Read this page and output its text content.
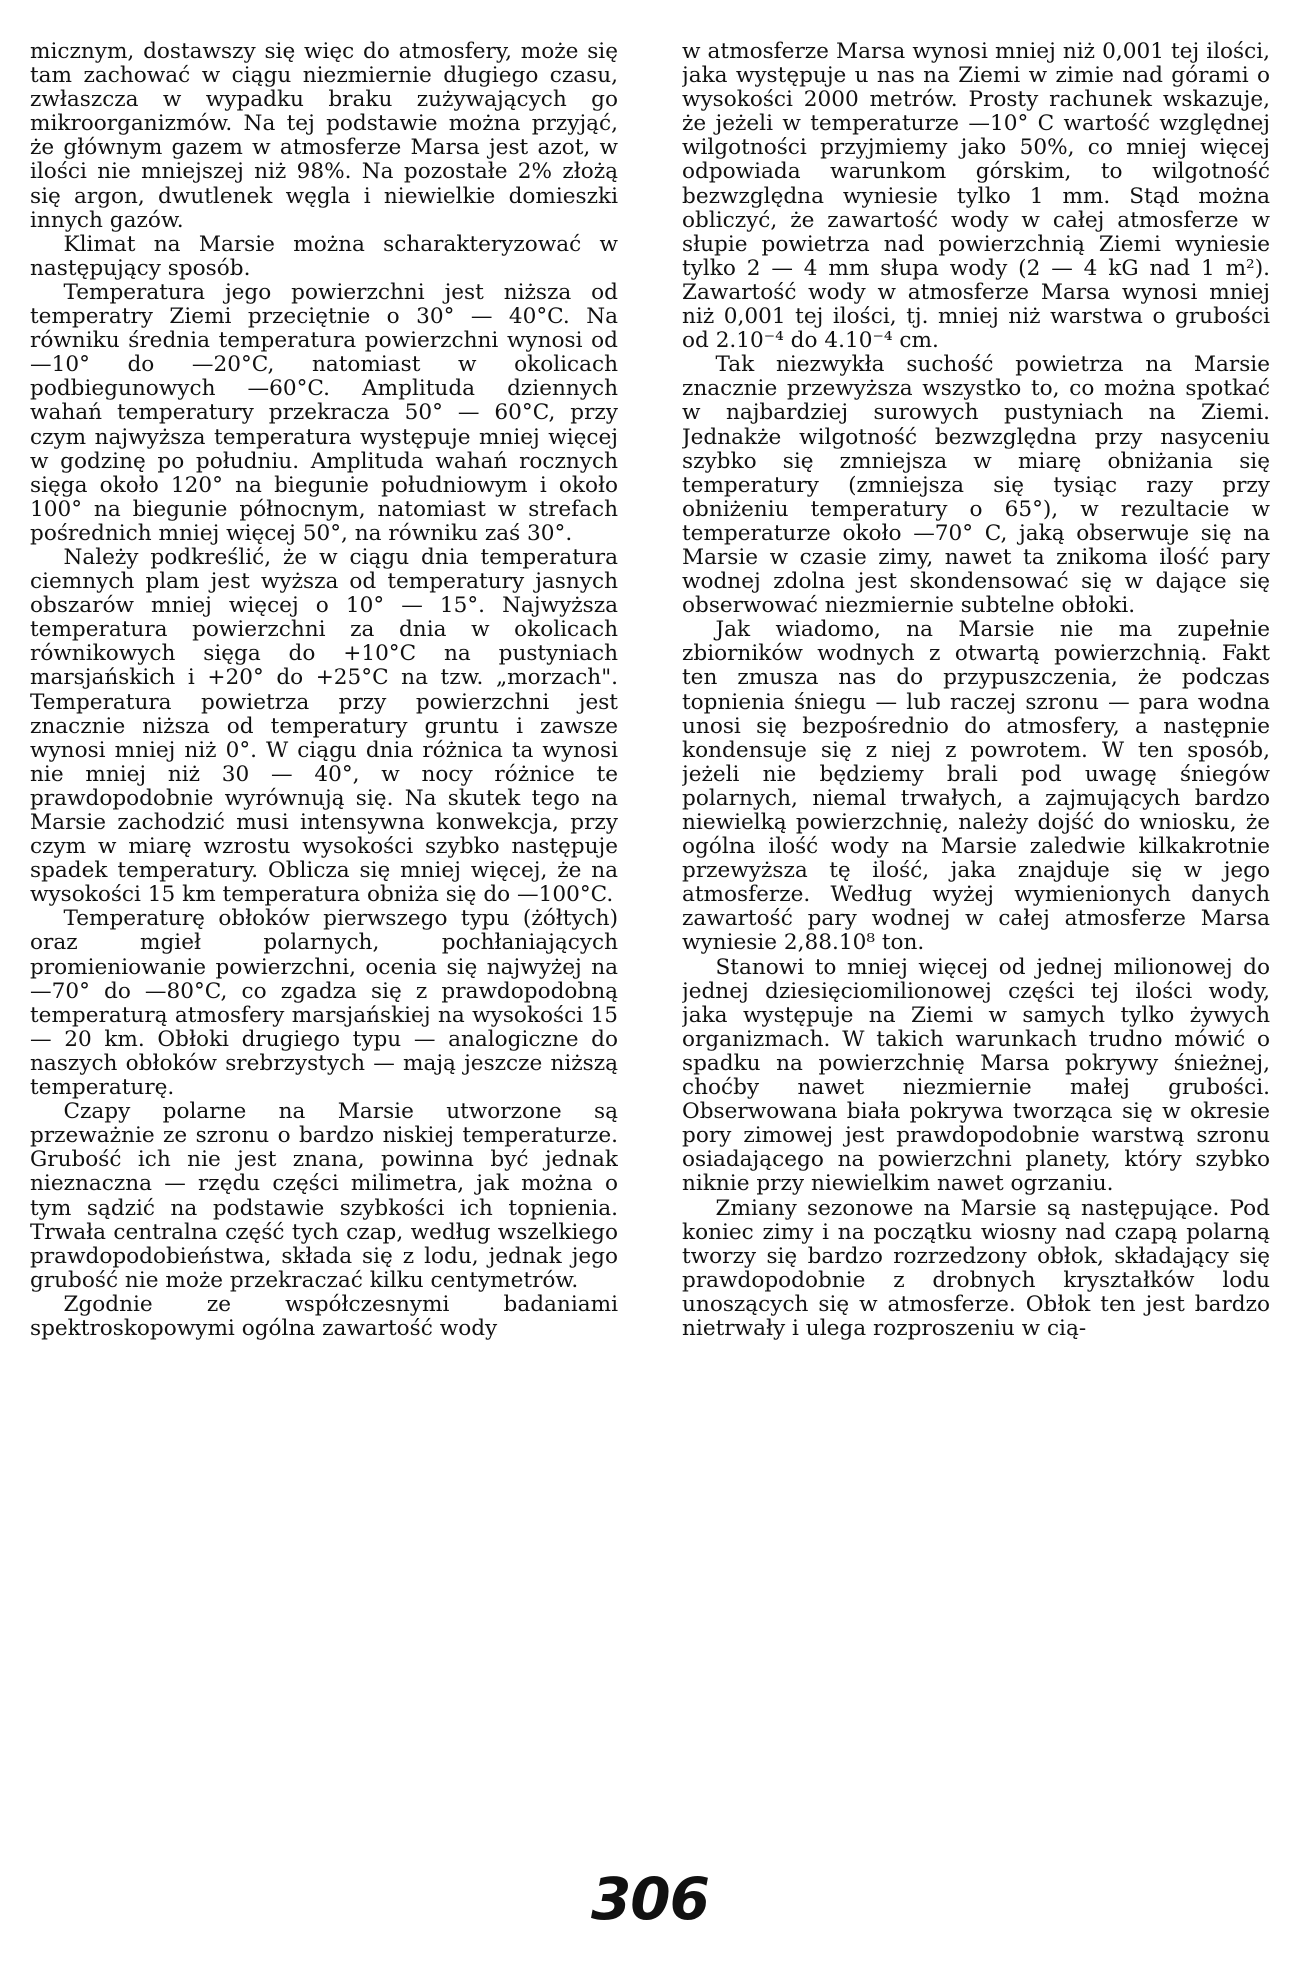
micznym, dostawszy się więc do atmosfery, może się tam zachować w ciągu niezmiernie długiego czasu, zwłaszcza w wypadku braku zużywających go mikroorganizmów. Na tej podstawie można przyjąć, że głównym gazem w atmosferze Marsa jest azot, w ilości nie mniejszej niż 98%. Na pozostałe 2% złożą się argon, dwutlenek węgla i niewielkie domieszki innych gazów.

Klimat na Marsie można scharakteryzować w następujący sposób.

Temperatura jego powierzchni jest niższa od temperatry Ziemi przeciętnie o 30° — 40°C. Na równiku średnia temperatura powierzchni wynosi od —10° do —20°C, natomiast w okolicach podbiegunowych —60°C. Amplituda dziennych wahań temperatury przekracza 50° — 60°C, przy czym najwyższa temperatura występuje mniej więcej w godzinę po południu. Amplituda wahań rocznych sięga około 120° na biegunie południowym i około 100° na biegunie północnym, natomiast w strefach pośrednich mniej więcej 50°, na równiku zaś 30°.

Należy podkreślić, że w ciągu dnia temperatura ciemnych plam jest wyższa od temperatury jasnych obszarów mniej więcej o 10° — 15°. Najwyższa temperatura powierzchni za dnia w okolicach równikowych sięga do +10°C na pustyniach marsjańskich i +20° do +25°C na tzw. „morzach". Temperatura powietrza przy powierzchni jest znacznie niższa od temperatury gruntu i zawsze wynosi mniej niż 0°. W ciągu dnia różnica ta wynosi nie mniej niż 30 — 40°, w nocy różnice te prawdopodobnie wyrównują się. Na skutek tego na Marsie zachodzić musi intensywna konwekcja, przy czym w miarę wzrostu wysokości szybko następuje spadek temperatury. Oblicza się mniej więcej, że na wysokości 15 km temperatura obniża się do —100°C.

Temperaturę obłoków pierwszego typu (żółtych) oraz mgieł polarnych, pochłaniających promieniowanie powierzchni, ocenia się najwyżej na —70° do —80°C, co zgadza się z prawdopodobną temperaturą atmosfery marsjańskiej na wysokości 15 — 20 km. Obłoki drugiego typu — analogiczne do naszych obłoków srebrzystych — mają jeszcze niższą temperaturę.

Czapy polarne na Marsie utworzone są przeważnie ze szronu o bardzo niskiej temperaturze. Grubość ich nie jest znana, powinna być jednak nieznaczna — rzędu części milimetra, jak można o tym sądzić na podstawie szybkości ich topnienia. Trwała centralna część tych czap, według wszelkiego prawdopodobieństwa, składa się z lodu, jednak jego grubość nie może przekraczać kilku centymetrów.

Zgodnie ze współczesnymi badaniami spektroskopowymi ogólna zawartość wody

w atmosferze Marsa wynosi mniej niż 0,001 tej ilości, jaka występuje u nas na Ziemi w zimie nad górami o wysokości 2000 metrów. Prosty rachunek wskazuje, że jeżeli w temperaturze —10° C wartość względnej wilgotności przyjmiemy jako 50%, co mniej więcej odpowiada warunkom górskim, to wilgotność bezwzględna wyniesie tylko 1 mm. Stąd można obliczyć, że zawartość wody w całej atmosferze w słupie powietrza nad powierzchnią Ziemi wyniesie tylko 2 — 4 mm słupa wody (2 — 4 kG nad 1 m²). Zawartość wody w atmosferze Marsa wynosi mniej niż 0,001 tej ilości, tj. mniej niż warstwa o grubości od 2.10⁻⁴ do 4.10⁻⁴ cm.

Tak niezwykła suchość powietrza na Marsie znacznie przewyższa wszystko to, co można spotkać w najbardziej surowych pustyniach na Ziemi. Jednakże wilgotność bezwzględna przy nasyceniu szybko się zmniejsza w miarę obniżania się temperatury (zmniejsza się tysiąc razy przy obniżeniu temperatury o 65°), w rezultacie w temperaturze około —70° C, jaką obserwuje się na Marsie w czasie zimy, nawet ta znikoma ilość pary wodnej zdolna jest skondensować się w dające się obserwować niezmiernie subtelne obłoki.

Jak wiadomo, na Marsie nie ma zupełnie zbiorników wodnych z otwartą powierzchnią. Fakt ten zmusza nas do przypuszczenia, że podczas topnienia śniegu — lub raczej szronu — para wodna unosi się bezpośrednio do atmosfery, a następnie kondensuje się z niej z powrotem. W ten sposób, jeżeli nie będziemy brali pod uwagę śniegów polarnych, niemal trwałych, a zajmujących bardzo niewielką powierzchnię, należy dojść do wniosku, że ogólna ilość wody na Marsie zaledwie kilkakrotnie przewyższa tę ilość, jaka znajduje się w jego atmosferze. Według wyżej wymienionych danych zawartość pary wodnej w całej atmosferze Marsa wyniesie 2,88.10⁸ ton.

Stanowi to mniej więcej od jednej milionowej do jednej dziesięciomilionowej części tej ilości wody, jaka występuje na Ziemi w samych tylko żywych organizmach. W takich warunkach trudno mówić o spadku na powierzchnię Marsa pokrywy śnieżnej, choćby nawet niezmiernie małej grubości. Obserwowana biała pokrywa tworząca się w okresie pory zimowej jest prawdopodobnie warstwą szronu osiadającego na powierzchni planety, który szybko niknie przy niewielkim nawet ogrzaniu.

Zmiany sezonowe na Marsie są następujące. Pod koniec zimy i na początku wiosny nad czapą polarną tworzy się bardzo rozrzedzony obłok, składający się prawdopodobnie z drobnych kryształków lodu unoszących się w atmosferze. Obłok ten jest bardzo nietrwały i ulega rozproszeniu w cią-

306
